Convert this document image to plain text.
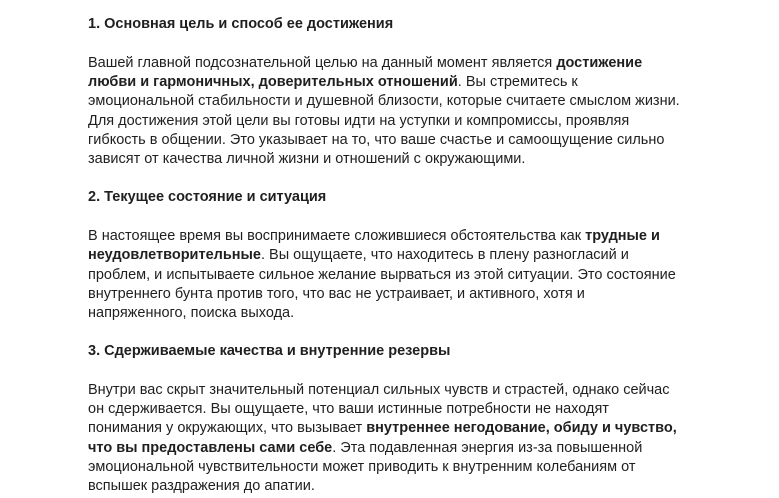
1. Основная цель и способ ее достижения

Вашей главной подсознательной целью на данный момент является достижение
любви и гармоничных, доверительных отношений. Вы стремитесь к
эмоциональной стабильности и душевной близости, которые считаете смыслом жизни.
Для достижения этой цели вы готовы идти на уступки и компромиссы, проявляя
гибкость в общении. Это указывает на то, что ваше счастье и самоощущение сильно
зависят от качества личной жизни и отношений с окружающими.

2. Текущее состояние и ситуация

В настоящее время вы воспринимаете сложившиеся обстоятельства как трудные и
неудовлетворительные. Вы ощущаете, что находитесь в плену разногласий и
проблем, и испытываете сильное желание вырваться из этой ситуации. Это состояние
внутреннего бунта против того, что вас не устраивает, и активного, хотя и
напряженного, поиска выхода.

3. Сдерживаемые качества и внутренние резервы

Внутри вас скрыт значительный потенциал сильных чувств и страстей, однако сейчас
он сдерживается. Вы ощущаете, что ваши истинные потребности не находят
понимания у окружающих, что вызывает внутреннее негодование, обиду и чувство,
что вы предоставлены сами себе. Эта подавленная энергия из-за повышенной
эмоциональной чувствительности может приводить к внутренним колебаниям от
вспышек раздражения до апатии.
